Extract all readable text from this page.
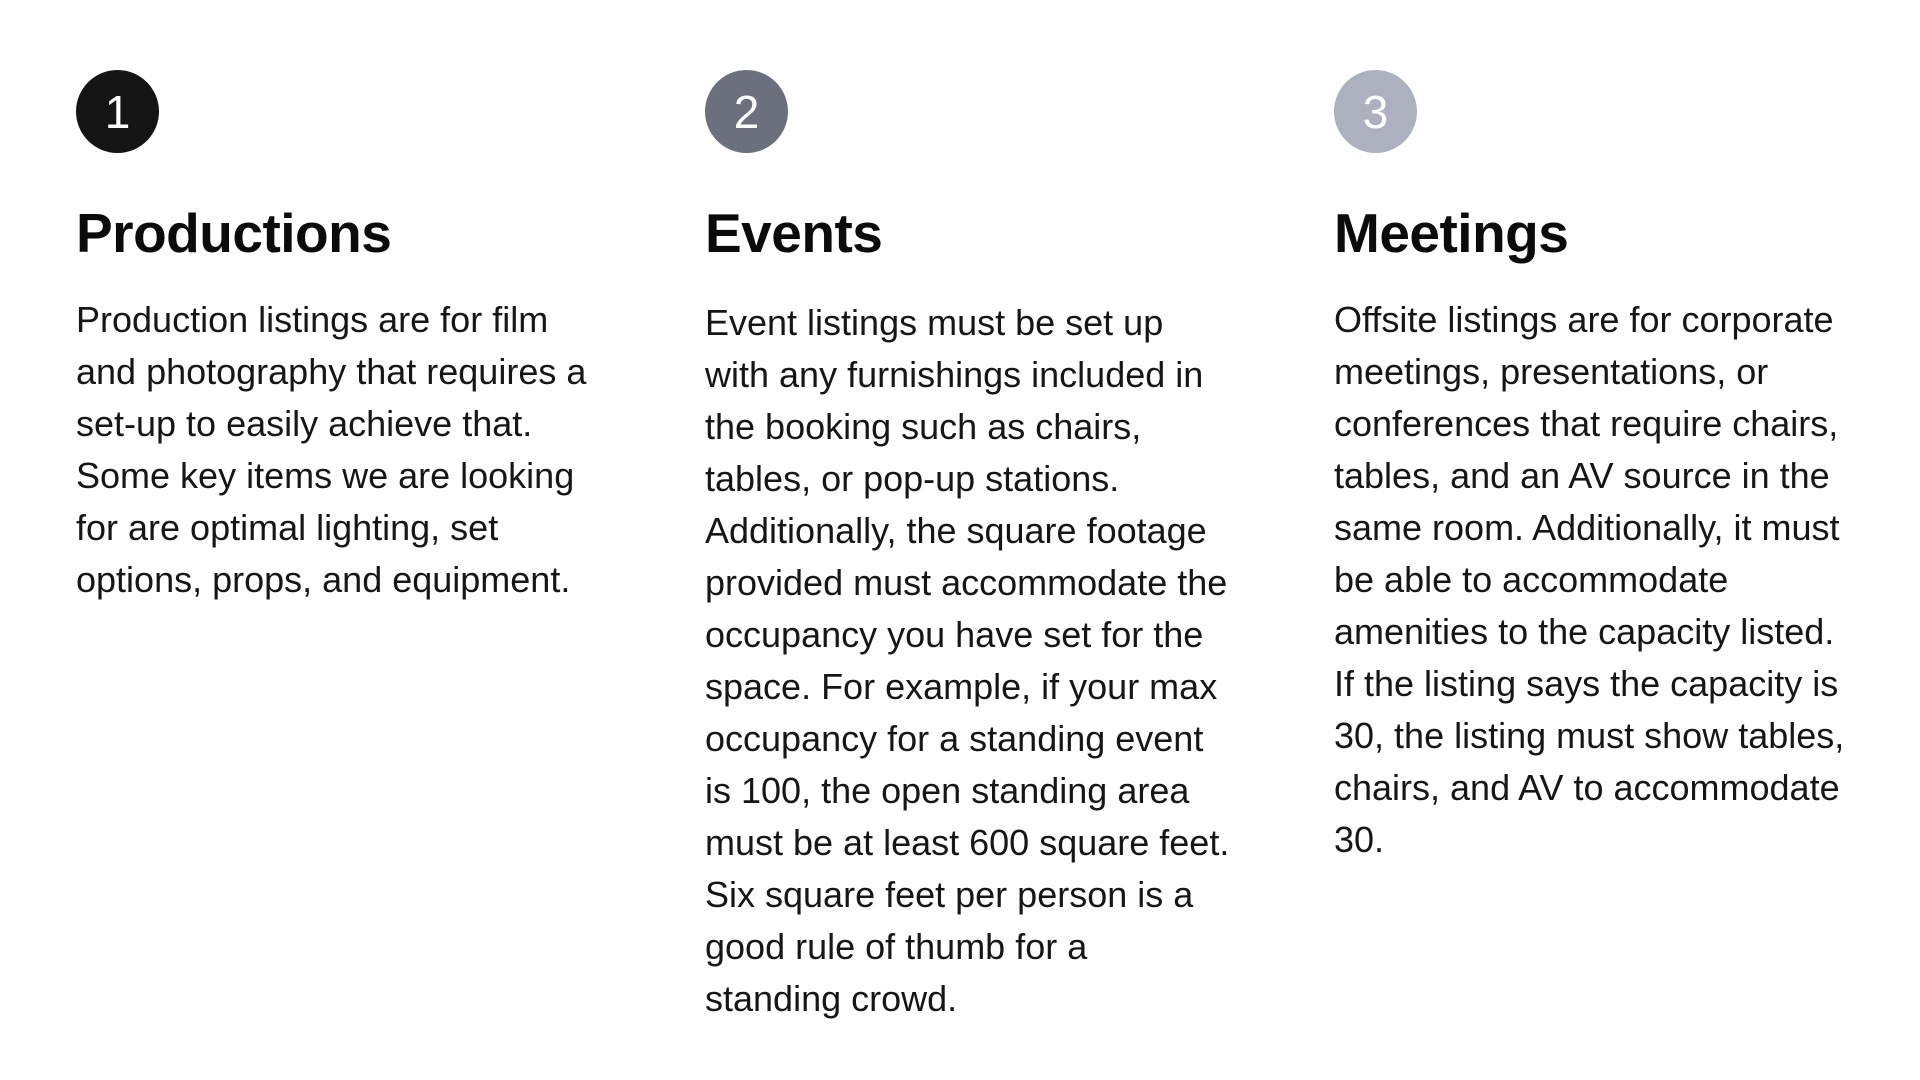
1
Productions

Production listings are for film and photography that requires a set-up to easily achieve that. Some key items we are looking for are optimal lighting, set options, props, and equipment.

2
Events

Event listings must be set up with any furnishings included in the booking such as chairs, tables, or pop-up stations. Additionally, the square footage provided must accommodate the occupancy you have set for the space. For example, if your max occupancy for a standing event is 100, the open standing area must be at least 600 square feet. Six square feet per person is a good rule of thumb for a standing crowd.

3
Meetings

Offsite listings are for corporate meetings, presentations, or conferences that require chairs, tables, and an AV source in the same room. Additionally, it must be able to accommodate amenities to the capacity listed. If the listing says the capacity is 30, the listing must show tables, chairs, and AV to accommodate 30.
